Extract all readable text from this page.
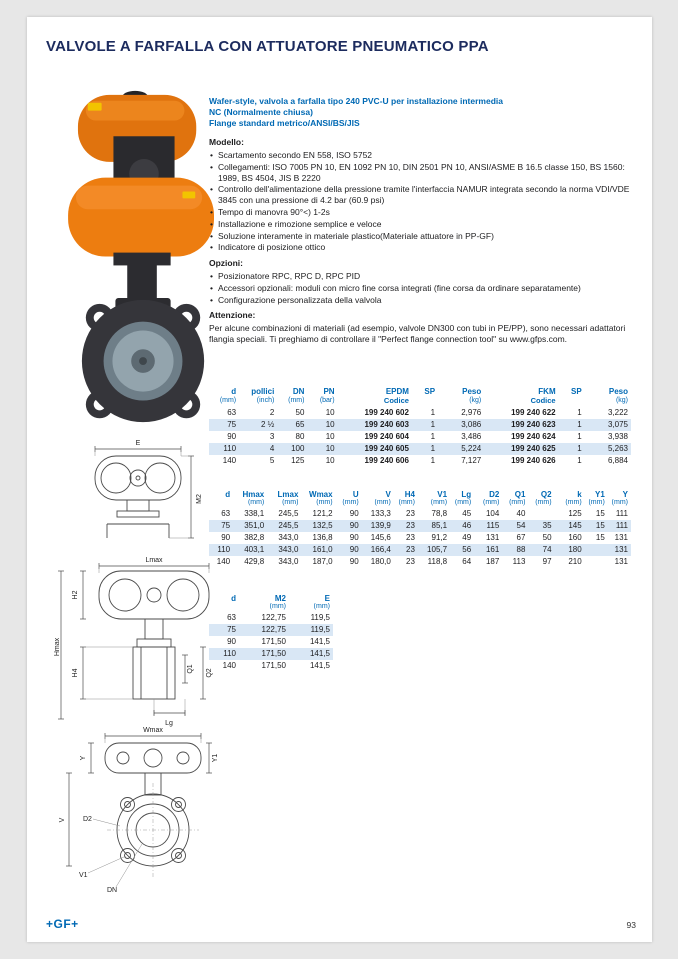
VALVOLE A FARFALLA CON ATTUATORE PNEUMATICO PPA
Wafer-style, valvola a farfalla tipo 240 PVC-U per installazione intermedia
NC (Normalmente chiusa)
Flange standard metrico/ANSI/BS/JIS
Modello:
• Scartamento secondo EN 558, ISO 5752
• Collegamenti: ISO 7005 PN 10, EN 1092 PN 10, DIN 2501 PN 10, ANSI/ASME B 16.5 classe 150, BS 1560: 1989, BS 4504, JIS B 2220
• Controllo dell'alimentazione della pressione tramite l'interfaccia NAMUR integrata secondo la norma VDI/VDE 3845 con una pressione di 4.2 bar (60.9 psi)
• Tempo di manovra 90°<) 1-2s
• Installazione e rimozione semplice e veloce
• Soluzione interamente in materiale plastico(Materiale attuatore in PP-GF)
• Indicatore di posizione ottico
Opzioni:
• Posizionatore RPC, RPC D, RPC PID
• Accessori opzionali: moduli con micro fine corsa integrati (fine corsa da ordinare separatamente)
• Configurazione personalizzata della valvola
Attenzione:
Per alcune combinazioni di materiali (ad esempio, valvole DN300 con tubi in PE/PP), sono necessari adattatori flangia speciali. Ti preghiamo di controllare il "Perfect flange connection tool" su www.gfps.com.
d	pollici	DN	PN	EPDM	SP	Peso	FKM	SP	Peso
(mm)	(inch)	(mm)	(bar)	Codice		(kg)	Codice		(kg)
63	2	50	10	199 240 602	1	2,976	199 240 622	1	3,222
75	2 ½	65	10	199 240 603	1	3,086	199 240 623	1	3,075
90	3	80	10	199 240 604	1	3,486	199 240 624	1	3,938
110	4	100	10	199 240 605	1	5,224	199 240 625	1	5,263
140	5	125	10	199 240 606	1	7,127	199 240 626	1	6,884
d	Hmax	Lmax	Wmax	U	V	H4	V1	Lg	D2	Q1	Q2	k	Y1	Y
	(mm)	(mm)	(mm)	(mm)	(mm)	(mm)	(mm)	(mm)	(mm)	(mm)	(mm)	(mm)	(mm)	(mm)
63	338,1	245,5	121,2	90	133,3	23	78,8	45	104	40		125	15	111
75	351,0	245,5	132,5	90	139,9	23	85,1	46	115	54	35	145	15	111
90	382,8	343,0	136,8	90	145,6	23	91,2	49	131	67	50	160	15	131
110	403,1	343,0	161,0	90	166,4	23	105,7	56	161	88	74	180		131
140	429,8	343,0	187,0	90	180,0	23	118,8	64	187	113	97	210		131
d	M2	E
	(mm)	(mm)
63	122,75	119,5
75	122,75	119,5
90	171,50	141,5
110	171,50	141,5
140	171,50	141,5
E
M2
Lmax
H2
Hmax
H4	Q1 Q2
Lg
Wmax
Y	Y1
V D2
V1
DN
+GF+	93
